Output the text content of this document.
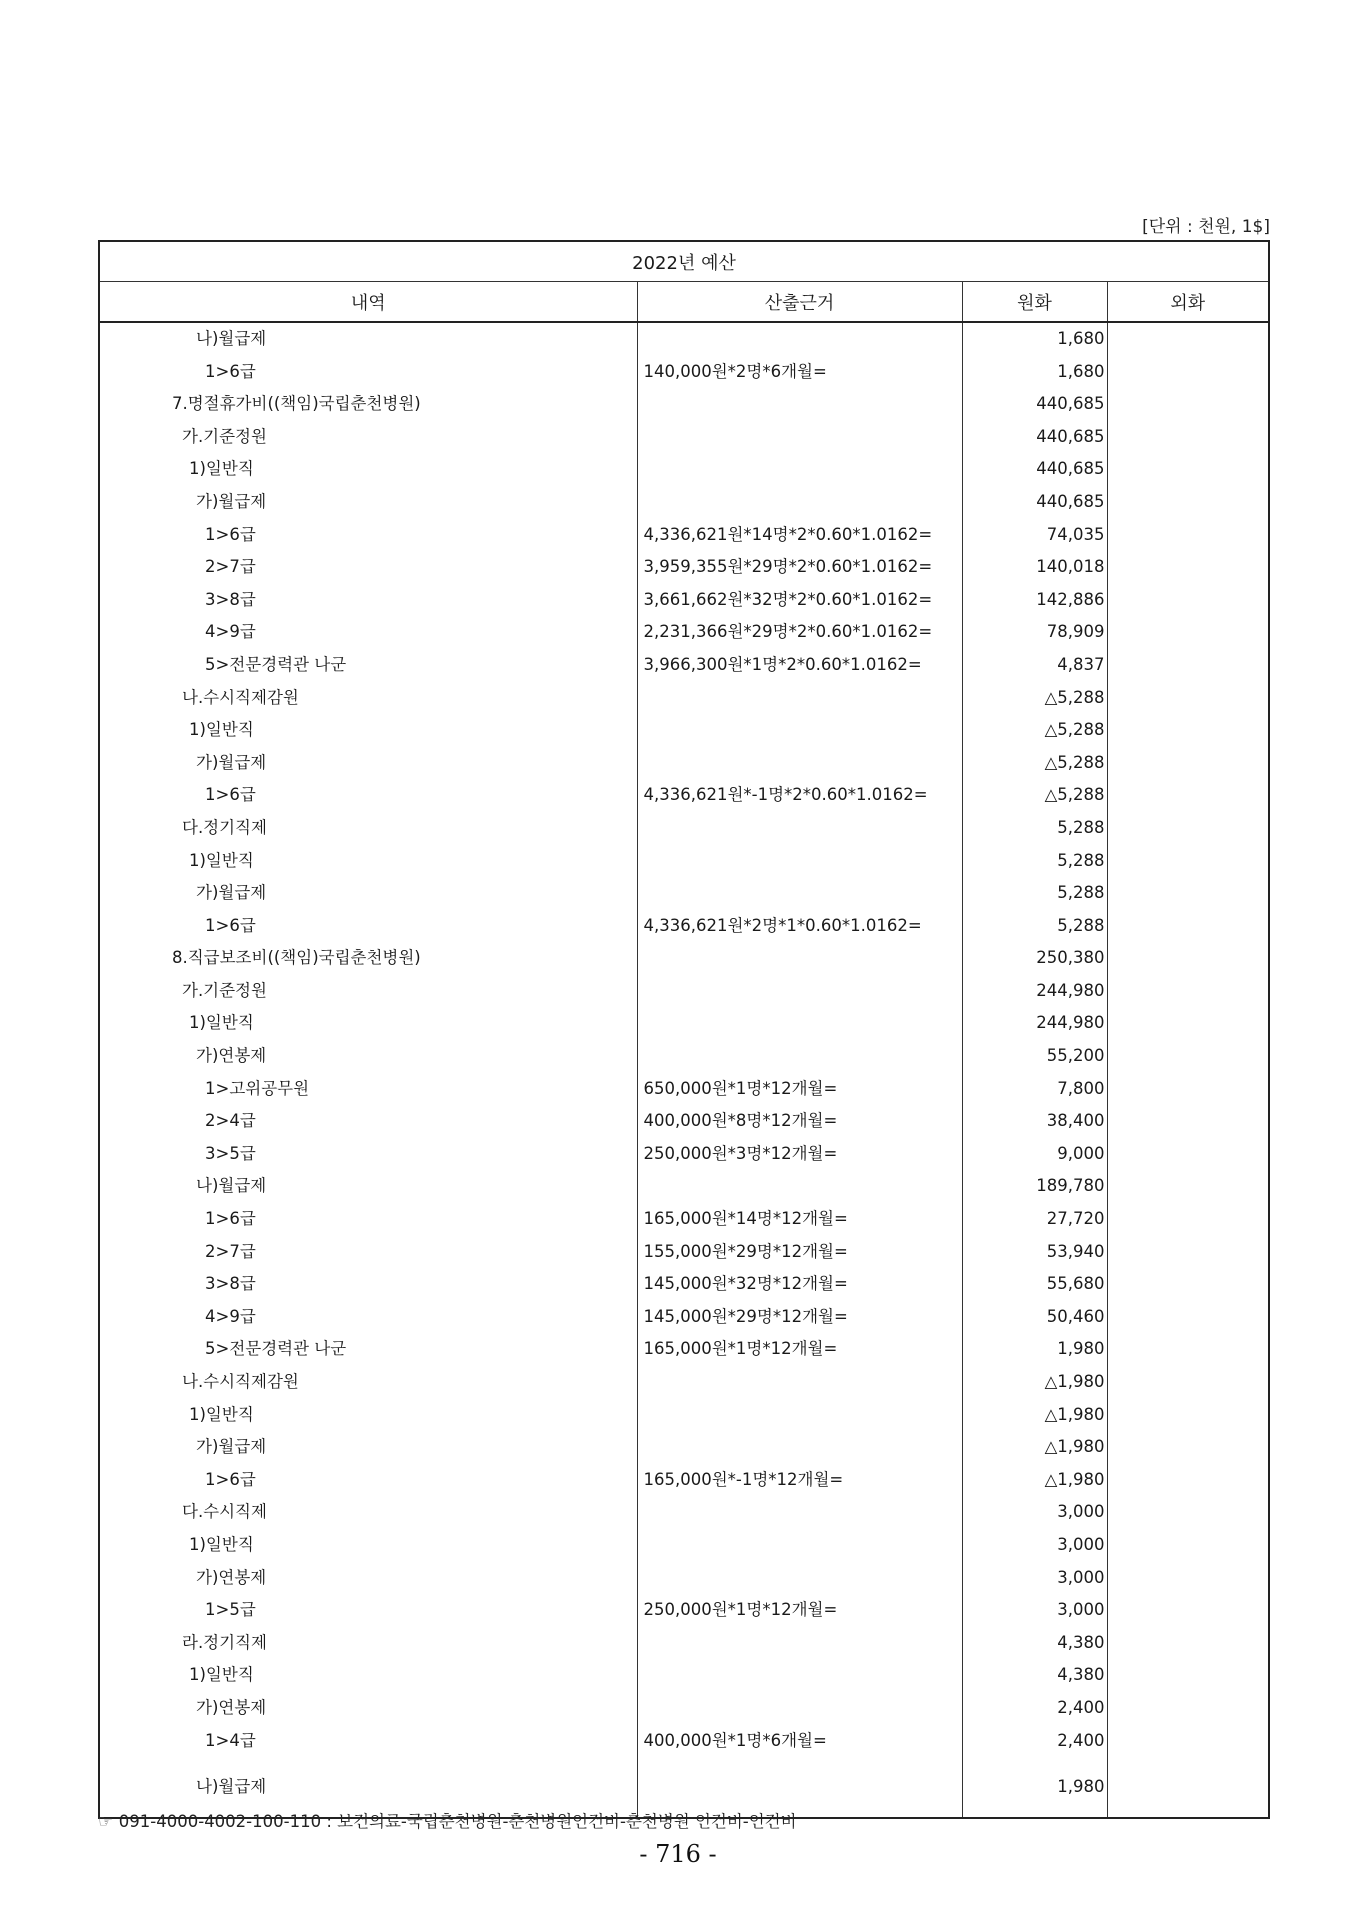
[단위 : 천원, 1$]
2022년 예산			
내역	산출근거	원화	외화
나)월급제		1,680	
1>6급	140,000원*2명*6개월=	1,680	
7.명절휴가비((책임)국립춘천병원)		440,685	
가.기준정원		440,685	
1)일반직		440,685	
가)월급제		440,685	
1>6급	4,336,621원*14명*2*0.60*1.0162=	74,035	
2>7급	3,959,355원*29명*2*0.60*1.0162=	140,018	
3>8급	3,661,662원*32명*2*0.60*1.0162=	142,886	
4>9급	2,231,366원*29명*2*0.60*1.0162=	78,909	
5>전문경력관 나군	3,966,300원*1명*2*0.60*1.0162=	4,837	
나.수시직제감원		△5,288	
1)일반직		△5,288	
가)월급제		△5,288	
1>6급	4,336,621원*-1명*2*0.60*1.0162=	△5,288	
다.정기직제		5,288	
1)일반직		5,288	
가)월급제		5,288	
1>6급	4,336,621원*2명*1*0.60*1.0162=	5,288	
8.직급보조비((책임)국립춘천병원)		250,380	
가.기준정원		244,980	
1)일반직		244,980	
가)연봉제		55,200	
1>고위공무원	650,000원*1명*12개월=	7,800	
2>4급	400,000원*8명*12개월=	38,400	
3>5급	250,000원*3명*12개월=	9,000	
나)월급제		189,780	
1>6급	165,000원*14명*12개월=	27,720	
2>7급	155,000원*29명*12개월=	53,940	
3>8급	145,000원*32명*12개월=	55,680	
4>9급	145,000원*29명*12개월=	50,460	
5>전문경력관 나군	165,000원*1명*12개월=	1,980	
나.수시직제감원		△1,980	
1)일반직		△1,980	
가)월급제		△1,980	
1>6급	165,000원*-1명*12개월=	△1,980	
다.수시직제		3,000	
1)일반직		3,000	
가)연봉제		3,000	
1>5급	250,000원*1명*12개월=	3,000	
라.정기직제		4,380	
1)일반직		4,380	
가)연봉제		2,400	
1>4급	400,000원*1명*6개월=	2,400	
나)월급제		1,980	
☞ 091-4000-4002-100-110 : 보건의료-국립춘천병원-춘천병원인건비-춘천병원 인건비-인건비
- 716 -
